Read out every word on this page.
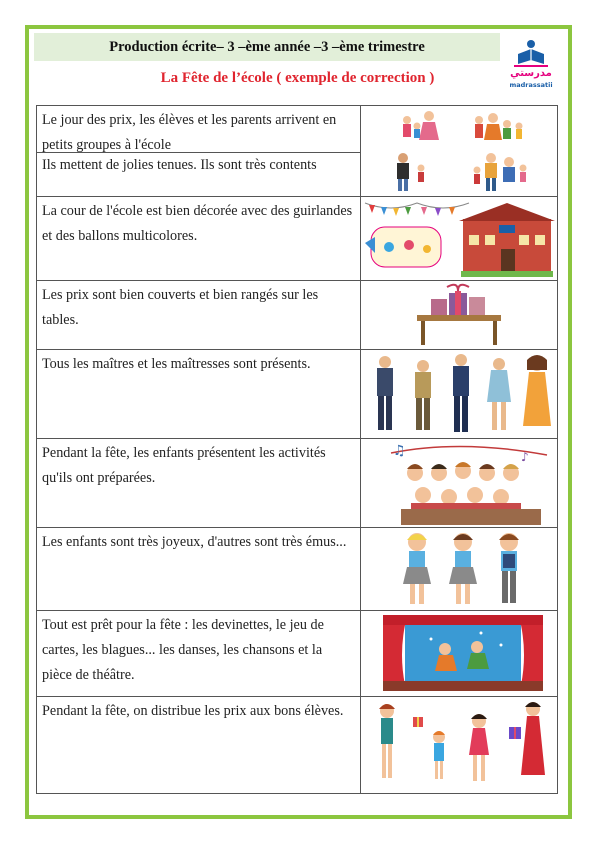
Production écrite– 3 –ème année –3 –ème trimestre
مدرستي
madrassatii
La Fête de l’école ( exemple de correction )
Le jour des prix, les élèves et les parents arrivent en petits groupes à l'école
Ils mettent de jolies tenues. Ils sont très contents

La cour de l'école est bien décorée avec des guirlandes et des ballons multicolores.	

Les prix sont bien couverts et bien rangés sur les tables.	

Tous les maîtres et les maîtresses sont présents.	

Pendant la fête, les enfants présentent les activités qu'ils ont préparées.	♫ ♪

Les enfants sont très joyeux, d'autres sont très émus...	

Tout est prêt pour la fête : les devinettes, le jeu de cartes, les blagues... les danses, les chansons et la pièce de théâtre.	

Pendant la fête, on distribue les prix aux bons élèves.	
